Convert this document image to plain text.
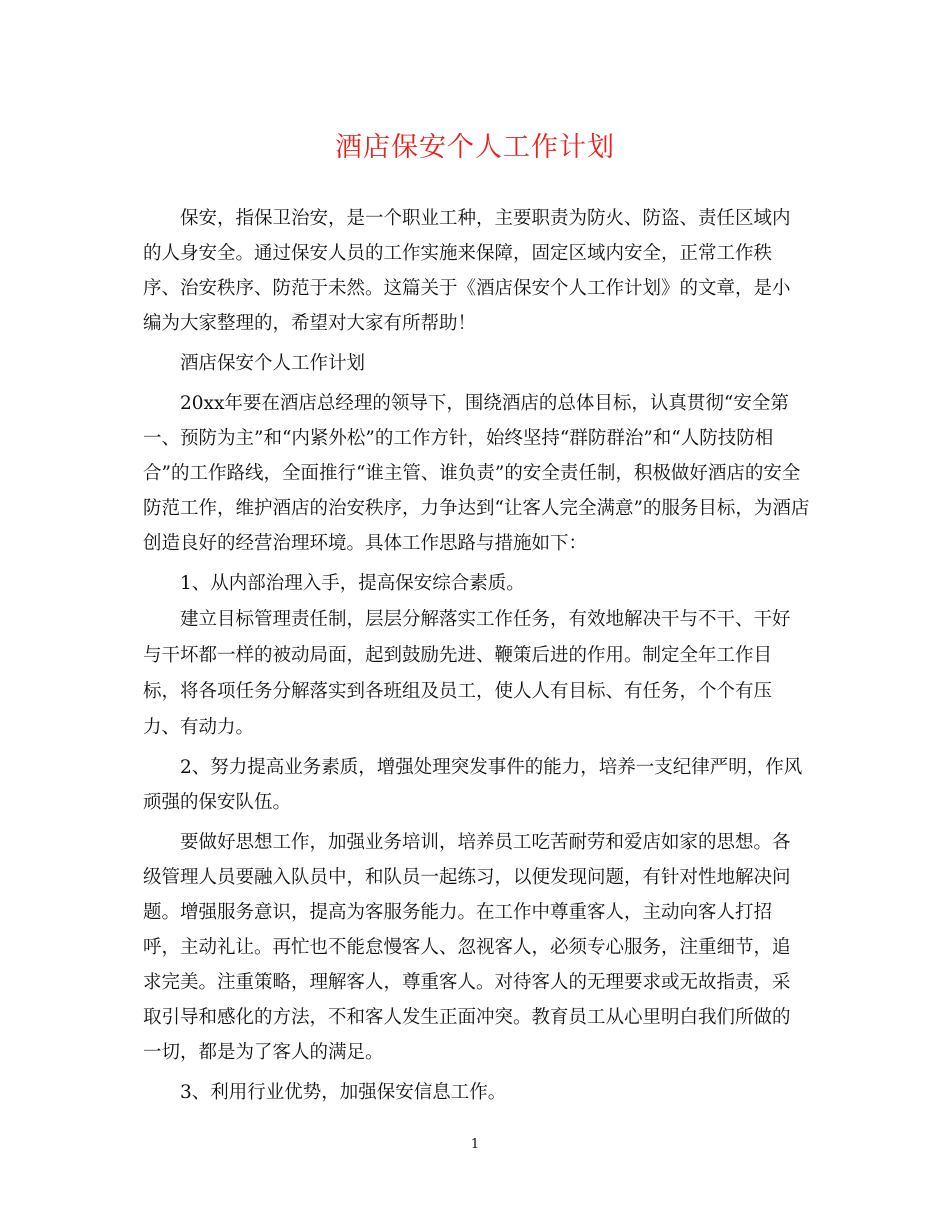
酒店保安个人工作计划
保安，指保卫治安，是一个职业工种，主要职责为防火、防盗、责任区域内
的人身安全。通过保安人员的工作实施来保障，固定区域内安全，正常工作秩
序、治安秩序、防范于未然。这篇关于《酒店保安个人工作计划》的文章，是小
编为大家整理的，希望对大家有所帮助！
酒店保安个人工作计划
20xx年要在酒店总经理的领导下，围绕酒店的总体目标，认真贯彻“安全第
一、预防为主”和“内紧外松”的工作方针，始终坚持“群防群治”和“人防技防相
合”的工作路线，全面推行“谁主管、谁负责”的安全责任制，积极做好酒店的安全
防范工作，维护酒店的治安秩序，力争达到“让客人完全满意”的服务目标，为酒店
创造良好的经营治理环境。具体工作思路与措施如下：
1、从内部治理入手，提高保安综合素质。
建立目标管理责任制，层层分解落实工作任务，有效地解决干与不干、干好
与干坏都一样的被动局面，起到鼓励先进、鞭策后进的作用。制定全年工作目
标，将各项任务分解落实到各班组及员工，使人人有目标、有任务，个个有压
力、有动力。
2、努力提高业务素质，增强处理突发事件的能力，培养一支纪律严明，作风
顽强的保安队伍。
要做好思想工作，加强业务培训，培养员工吃苦耐劳和爱店如家的思想。各
级管理人员要融入队员中，和队员一起练习，以便发现问题，有针对性地解决问
题。增强服务意识，提高为客服务能力。在工作中尊重客人，主动向客人打招
呼，主动礼让。再忙也不能怠慢客人、忽视客人，必须专心服务，注重细节，追
求完美。注重策略，理解客人，尊重客人。对待客人的无理要求或无故指责，采
取引导和感化的方法，不和客人发生正面冲突。教育员工从心里明白我们所做的
一切，都是为了客人的满足。
3、利用行业优势，加强保安信息工作。
1
